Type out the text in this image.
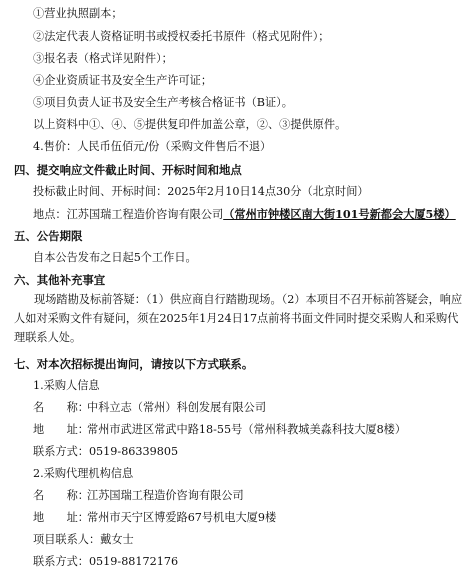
①营业执照副本；
②法定代表人资格证明书或授权委托书原件（格式见附件）；
③报名表（格式详见附件）；
④企业资质证书及安全生产许可证；
⑤项目负责人证书及安全生产考核合格证书（B证）。
以上资料中①、④、⑤提供复印件加盖公章，②、③提供原件。
4.售价：人民币伍佰元/份（采购文件售后不退）
四、提交响应文件截止时间、开标时间和地点
投标截止时间、开标时间：2025年2月10日14点30分（北京时间）
地点：江苏国瑞工程造价咨询有限公司（常州市钟楼区南大街101号新都会大厦5楼）
五、公告期限
自本公告发布之日起5个工作日。
六、其他补充事宜
现场踏勘及标前答疑：（1）供应商自行踏勘现场。（2）本项目不召开标前答疑会，响应人如对采购文件有疑问，须在2025年1月24日17点前将书面文件同时提交采购人和采购代理联系人处。
七、对本次招标提出询问，请按以下方式联系。
1.采购人信息
名　　称：中科立志（常州）科创发展有限公司
地　　址：常州市武进区常武中路18-55号（常州科教城美淼科技大厦8楼）
联系方式：0519-86339805
2.采购代理机构信息
名　　称：江苏国瑞工程造价咨询有限公司
地　　址：常州市天宁区博爱路67号机电大厦9楼
项目联系人：戴女士
联系方式：0519-88172176
